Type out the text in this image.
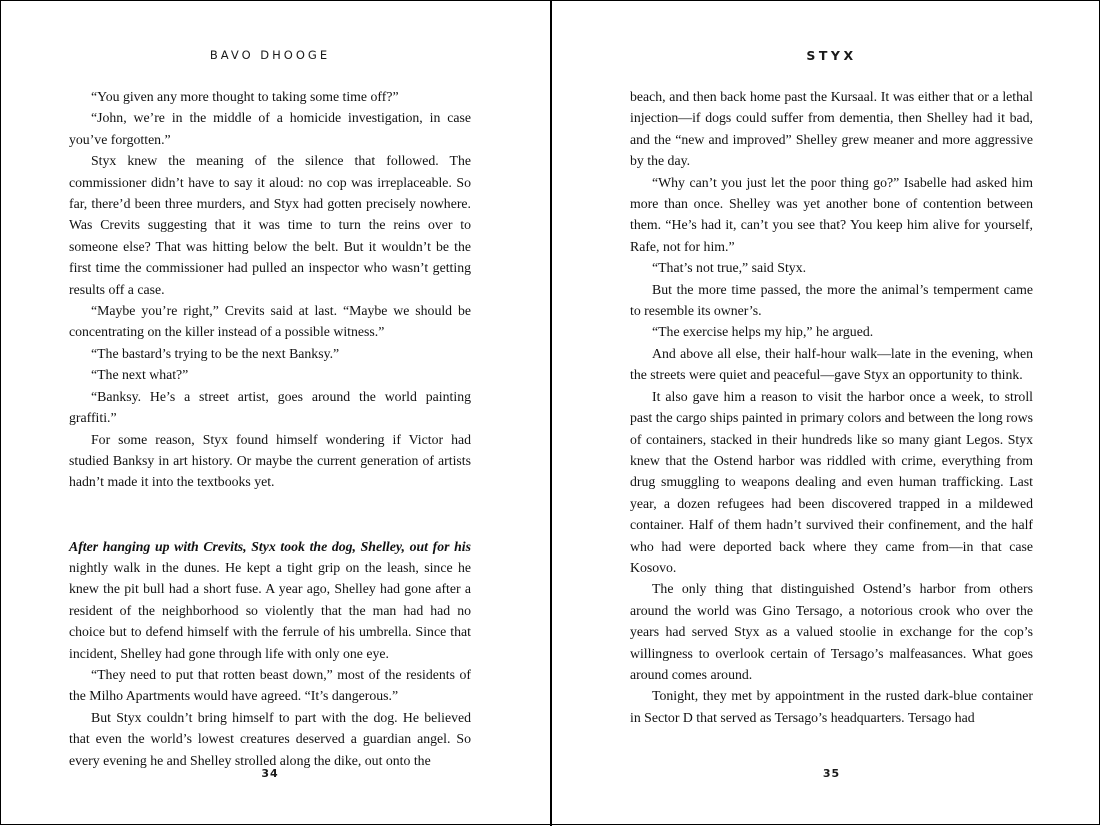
BAVO DHOOGE

“You given any more thought to taking some time off?”

“John, we’re in the middle of a homicide investigation, in case you’ve forgotten.”

Styx knew the meaning of the silence that followed. The commissioner didn’t have to say it aloud: no cop was irreplaceable. So far, there’d been three murders, and Styx had gotten precisely nowhere. Was Crevits suggesting that it was time to turn the reins over to someone else? That was hitting below the belt. But it wouldn’t be the first time the commissioner had pulled an inspector who wasn’t getting results off a case.

“Maybe you’re right,” Crevits said at last. “Maybe we should be concentrating on the killer instead of a possible witness.”

“The bastard’s trying to be the next Banksy.”

“The next what?”

“Banksy. He’s a street artist, goes around the world painting graffiti.”

For some reason, Styx found himself wondering if Victor had studied Banksy in art history. Or maybe the current generation of artists hadn’t made it into the textbooks yet.

After hanging up with Crevits, Styx took the dog, Shelley, out for his nightly walk in the dunes. He kept a tight grip on the leash, since he knew the pit bull had a short fuse. A year ago, Shelley had gone after a resident of the neighborhood so violently that the man had had no choice but to defend himself with the ferrule of his umbrella. Since that incident, Shelley had gone through life with only one eye.

“They need to put that rotten beast down,” most of the residents of the Milho Apartments would have agreed. “It’s dangerous.”

But Styx couldn’t bring himself to part with the dog. He believed that even the world’s lowest creatures deserved a guardian angel. So every evening he and Shelley strolled along the dike, out onto the

34
STYX

beach, and then back home past the Kursaal. It was either that or a lethal injection—if dogs could suffer from dementia, then Shelley had it bad, and the “new and improved” Shelley grew meaner and more aggressive by the day.

“Why can’t you just let the poor thing go?” Isabelle had asked him more than once. Shelley was yet another bone of contention between them. “He’s had it, can’t you see that? You keep him alive for yourself, Rafe, not for him.”

“That’s not true,” said Styx.

But the more time passed, the more the animal’s temperment came to resemble its owner’s.

“The exercise helps my hip,” he argued.

And above all else, their half-hour walk—late in the evening, when the streets were quiet and peaceful—gave Styx an opportunity to think.

It also gave him a reason to visit the harbor once a week, to stroll past the cargo ships painted in primary colors and between the long rows of containers, stacked in their hundreds like so many giant Legos. Styx knew that the Ostend harbor was riddled with crime, everything from drug smuggling to weapons dealing and even human trafficking. Last year, a dozen refugees had been discovered trapped in a mildewed container. Half of them hadn’t survived their confinement, and the half who had were deported back where they came from—in that case Kosovo.

The only thing that distinguished Ostend’s harbor from others around the world was Gino Tersago, a notorious crook who over the years had served Styx as a valued stoolie in exchange for the cop’s willingness to overlook certain of Tersago’s malfeasances. What goes around comes around.

Tonight, they met by appointment in the rusted dark-blue container in Sector D that served as Tersago’s headquarters. Tersago had

35
